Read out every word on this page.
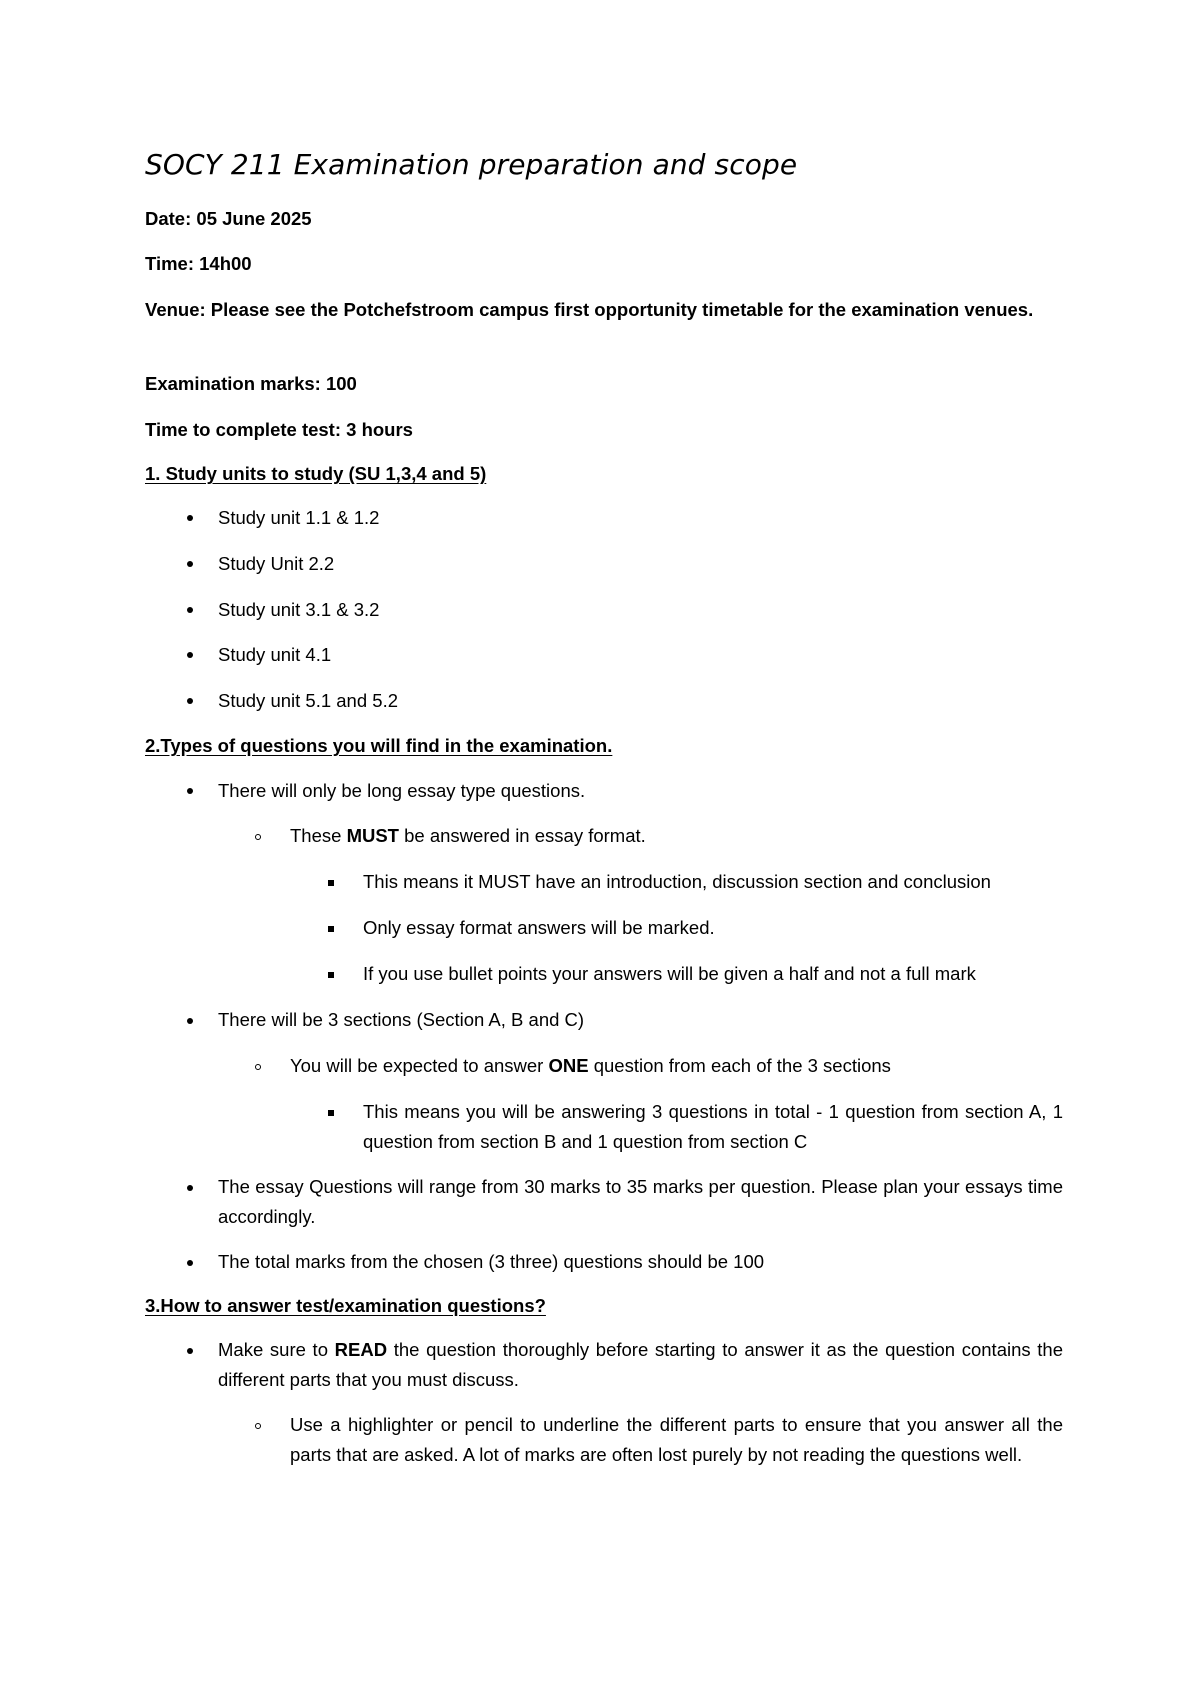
SOCY 211 Examination preparation and scope

Date: 05 June 2025

Time: 14h00

Venue: Please see the Potchefstroom campus first opportunity timetable for the examination venues.

Examination marks: 100

Time to complete test: 3 hours

1. Study units to study (SU 1,3,4 and 5)

Study unit 1.1 & 1.2

Study Unit 2.2

Study unit 3.1 & 3.2

Study unit 4.1

Study unit 5.1 and 5.2

2.Types of questions you will find in the examination.

There will only be long essay type questions.

These MUST be answered in essay format.

This means it MUST have an introduction, discussion section and conclusion

Only essay format answers will be marked.

If you use bullet points your answers will be given a half and not a full mark

There will be 3 sections (Section A, B and C)

You will be expected to answer ONE question from each of the 3 sections

This means you will be answering 3 questions in total - 1 question from section A, 1 question from section B and 1 question from section C

The essay Questions will range from 30 marks to 35 marks per question. Please plan your essays time accordingly.

The total marks from the chosen (3 three) questions should be 100

3.How to answer test/examination questions?

Make sure to READ the question thoroughly before starting to answer it as the question contains the different parts that you must discuss.

Use a highlighter or pencil to underline the different parts to ensure that you answer all the parts that are asked. A lot of marks are often lost purely by not reading the questions well.
